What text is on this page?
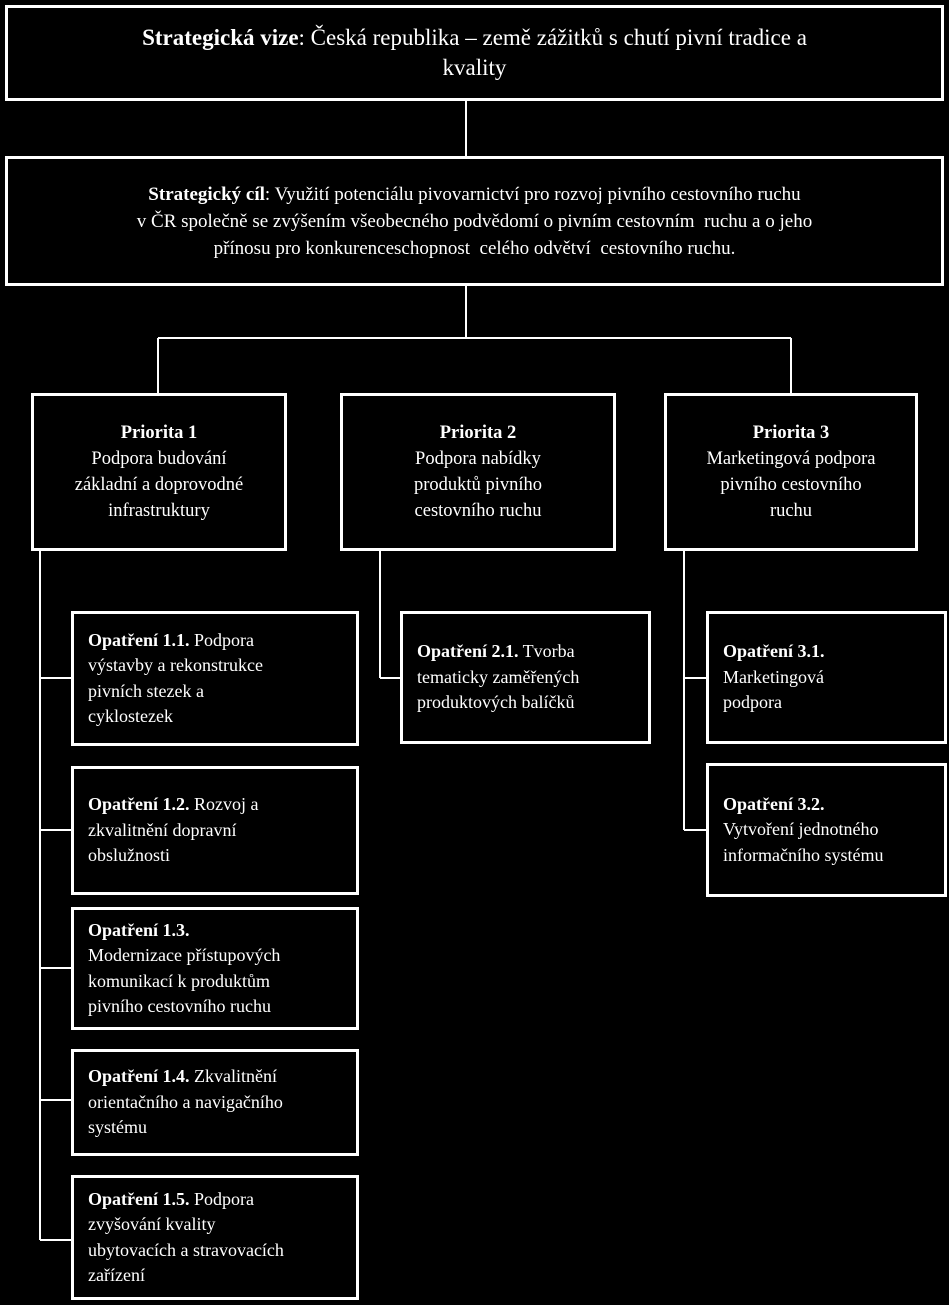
Strategická vize: Česká republika – země zážitků s chutí pivní tradice a
kvality
Strategický cíl: Využití potenciálu pivovarnictví pro rozvoj pivního cestovního ruchu
v ČR společně se zvýšením všeobecného podvědomí o pivním cestovním  ruchu a o jeho
přínosu pro konkurenceschopnost  celého odvětví  cestovního ruchu.
Priorita 1
Podpora budování
základní a doprovodné
infrastruktury
Priorita 2
Podpora nabídky
produktů pivního
cestovního ruchu
Priorita 3
Marketingová podpora
pivního cestovního
ruchu
Opatření 1.1. Podpora
výstavby a rekonstrukce
pivních stezek a
cyklostezek
Opatření 1.2. Rozvoj a
zkvalitnění dopravní
obslužnosti
Opatření 1.3.
Modernizace přístupových
komunikací k produktům
pivního cestovního ruchu
Opatření 1.4. Zkvalitnění
orientačního a navigačního
systému
Opatření 1.5. Podpora
zvyšování kvality
ubytovacích a stravovacích
zařízení
Opatření 2.1. Tvorba
tematicky zaměřených
produktových balíčků
Opatření 3.1.
Marketingová
podpora
Opatření 3.2.
Vytvoření jednotného
informačního systému
